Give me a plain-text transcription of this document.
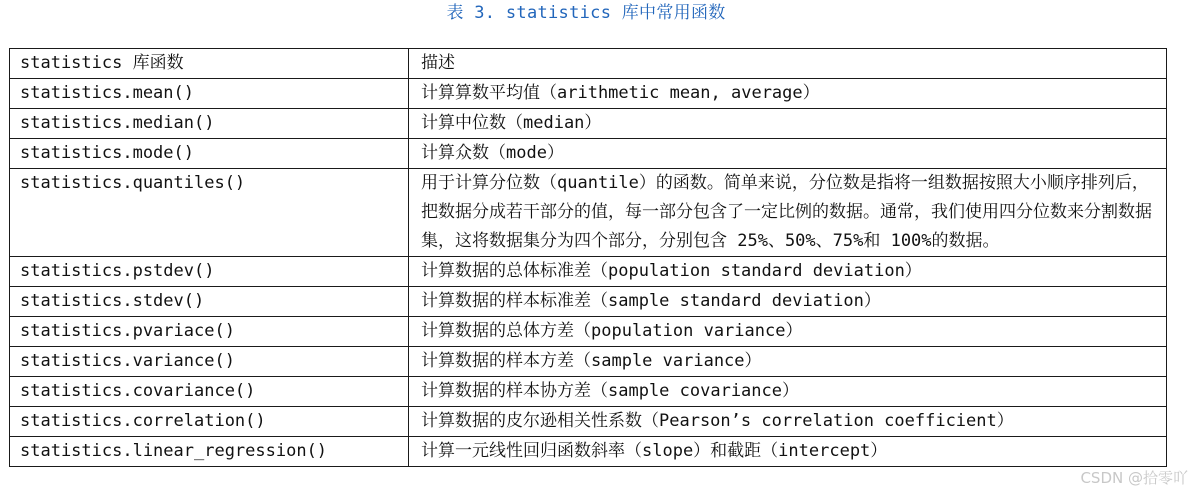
表 3. statistics 库中常用函数
statistics 库函数	描述
statistics.mean()	计算算数平均值（arithmetic mean, average）
statistics.median()	计算中位数（median）
statistics.mode()	计算众数（mode）
statistics.quantiles()	用于计算分位数（quantile）的函数。简单来说，分位数是指将一组数据按照大小顺序排列后，把数据分成若干部分的值，每一部分包含了一定比例的数据。通常，我们使用四分位数来分割数据集，这将数据集分为四个部分，分别包含 25%、50%、75%和 100%的数据。
statistics.pstdev()	计算数据的总体标准差（population standard deviation）
statistics.stdev()	计算数据的样本标准差（sample standard deviation）
statistics.pvariace()	计算数据的总体方差（population variance）
statistics.variance()	计算数据的样本方差（sample variance）
statistics.covariance()	计算数据的样本协方差（sample covariance）
statistics.correlation()	计算数据的皮尔逊相关性系数（Pearson’s correlation coefficient）
statistics.linear_regression()	计算一元线性回归函数斜率（slope）和截距（intercept）
CSDN @拾零吖
